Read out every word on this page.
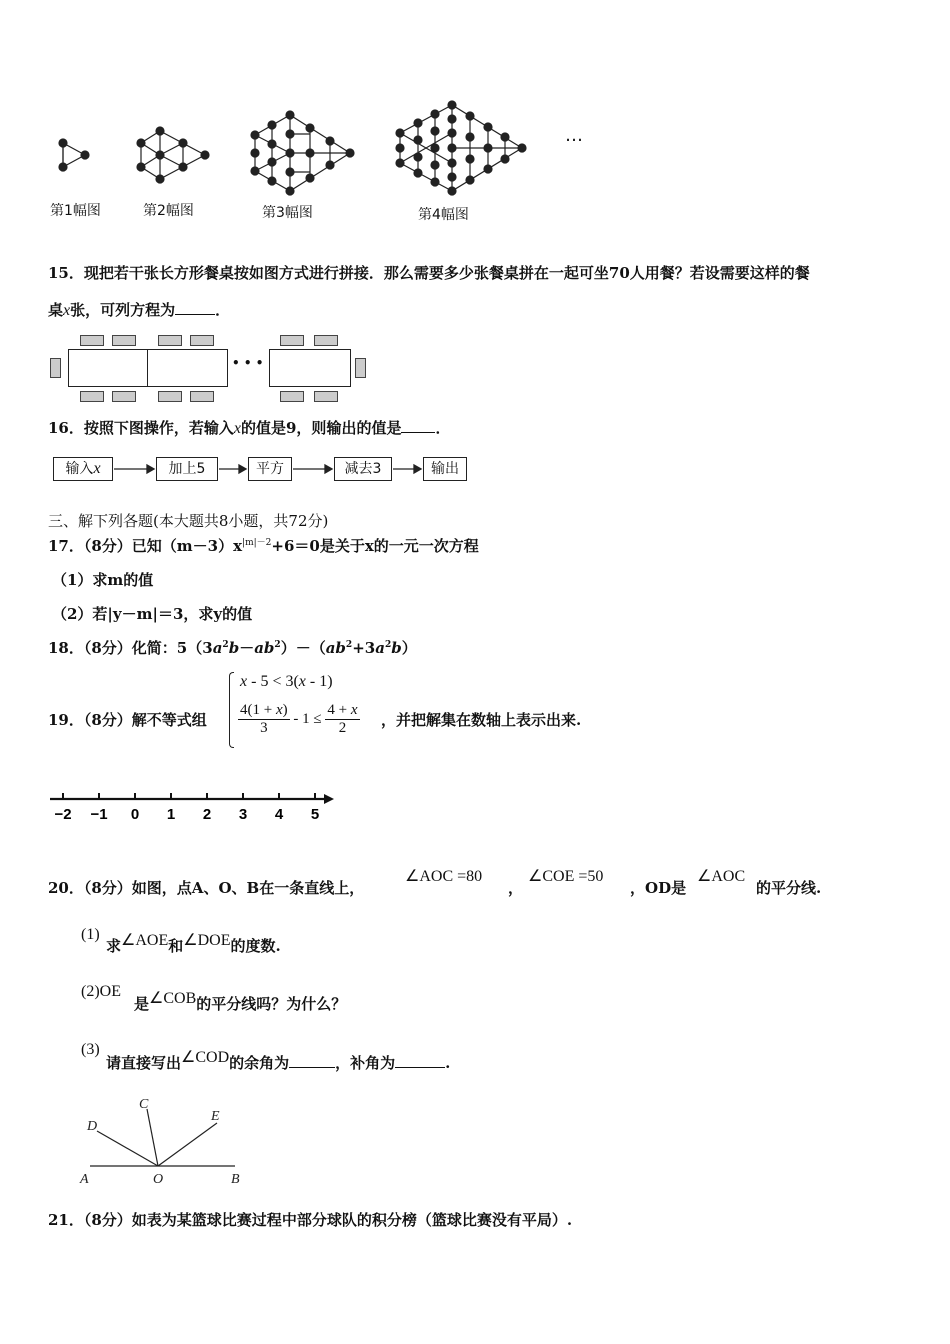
…
第1幅图	第2幅图	第3幅图	第4幅图
15．现把若干张长方形餐桌按如图方式进行拼接．那么需要多少张餐桌拼在一起可坐70人用餐？若设需要这样的餐
桌x张，可列方程为	．
• • •
16．按照下图操作，若输入x的值是9，则输出的值是 ．
输入x	加上5	平方	减去3	输出
三、解下列各题(本大题共8小题，共72分)
17．（8分）已知$(m-3)x^{|m|-2}+6=0$是关于x的一元一次方程
（1）求m的值
（2）若|y－m|＝3，求y的值
18．（8分）化简：$5(3a^2b-ab^2)-(ab^2+3a^2b)$
19．（8分）解不等式组
x - 5 < 3(x - 1)
$\frac{4(1 + x)}{3} - 1 \le \frac{4 + x}{2}$ ，并把解集在数轴上表示出来.
−2 −1 0 1 2 3 4 5
20．（8分）如图，点A、O、B在一条直线上，
∠AOC =80
，
∠COE =50
，OD是
∠AOC
的平分线.
(1)
求∠AOE和∠DOE的度数.
(2)OE
是∠COB的平分线吗？为什么？
(3)
请直接写出∠COD的余角为	，补角为	.
C
D
E
A	O	B
21．（8分）如表为某篮球比赛过程中部分球队的积分榜（篮球比赛没有平局）.
